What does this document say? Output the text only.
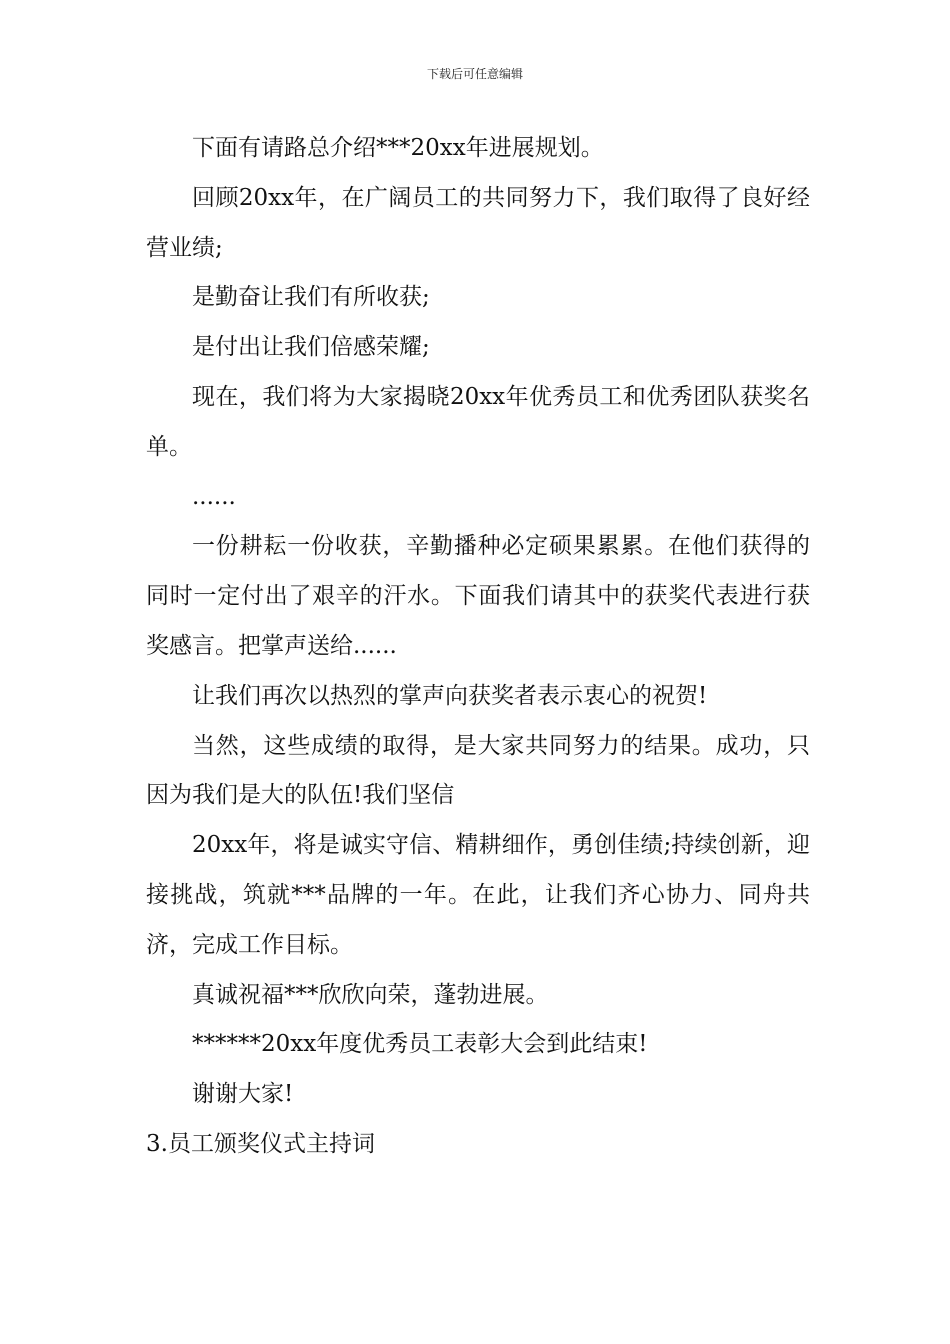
下载后可任意编辑

下面有请路总介绍***20xx年进展规划。

回顾20xx年，在广阔员工的共同努力下，我们取得了良好经营业绩;

是勤奋让我们有所收获;

是付出让我们倍感荣耀;

现在，我们将为大家揭晓20xx年优秀员工和优秀团队获奖名单。

......

一份耕耘一份收获，辛勤播种必定硕果累累。在他们获得的同时一定付出了艰辛的汗水。下面我们请其中的获奖代表进行获奖感言。把掌声送给......

让我们再次以热烈的掌声向获奖者表示衷心的祝贺!

当然，这些成绩的取得，是大家共同努力的结果。成功，只因为我们是大的队伍!我们坚信

20xx年，将是诚实守信、精耕细作，勇创佳绩;持续创新，迎接挑战，筑就***品牌的一年。在此，让我们齐心协力、同舟共济，完成工作目标。

真诚祝福***欣欣向荣，蓬勃进展。

******20xx年度优秀员工表彰大会到此结束!

谢谢大家!

3.员工颁奖仪式主持词
